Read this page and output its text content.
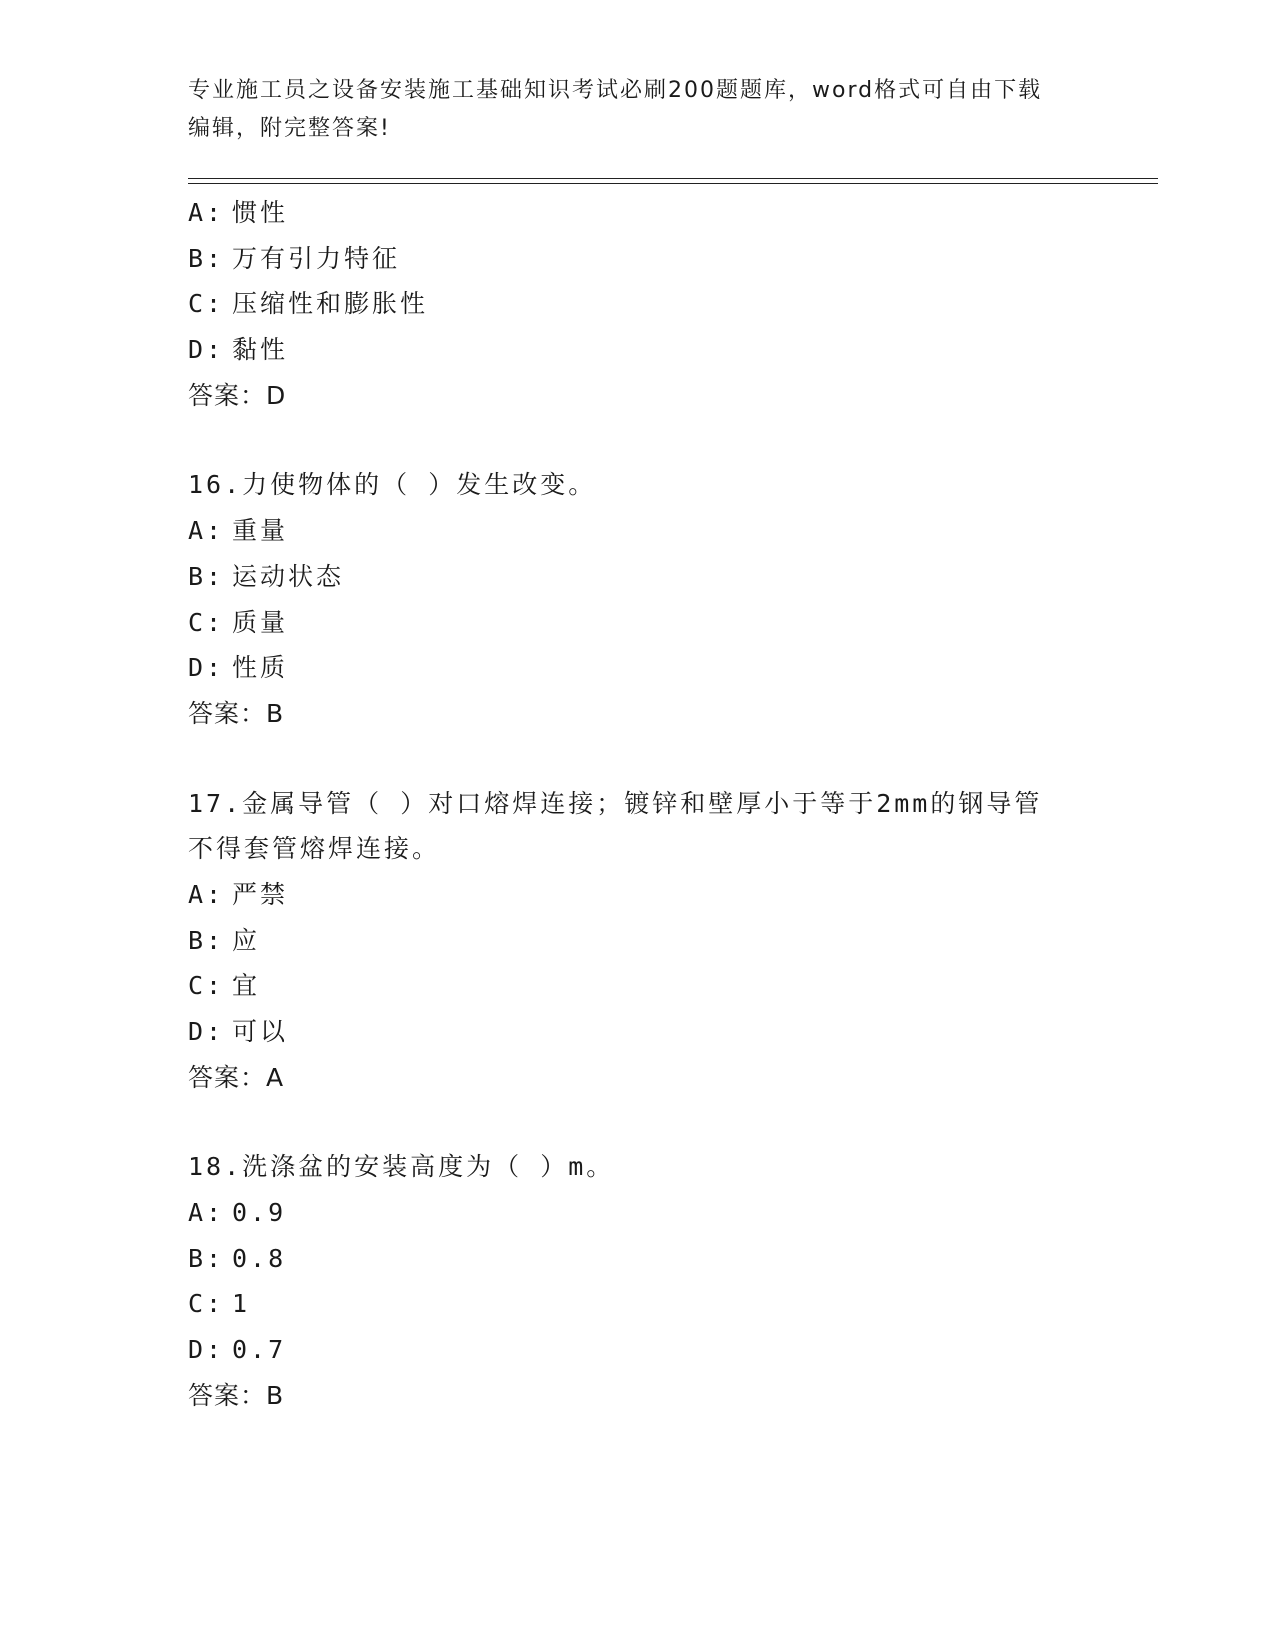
专业施工员之设备安装施工基础知识考试必刷200题题库，word格式可自由下载
编辑，附完整答案!
A: 惯性
B: 万有引力特征
C: 压缩性和膨胀性
D: 黏性
答案：D
16.力使物体的（ ）发生改变。
A: 重量
B: 运动状态
C: 质量
D: 性质
答案：B
17.金属导管（ ）对口熔焊连接；镀锌和壁厚小于等于2mm的钢导管
不得套管熔焊连接。
A: 严禁
B: 应
C: 宜
D: 可以
答案：A
18.洗涤盆的安装高度为（ ）m。
A: 0.9
B: 0.8
C: 1
D: 0.7
答案：B
